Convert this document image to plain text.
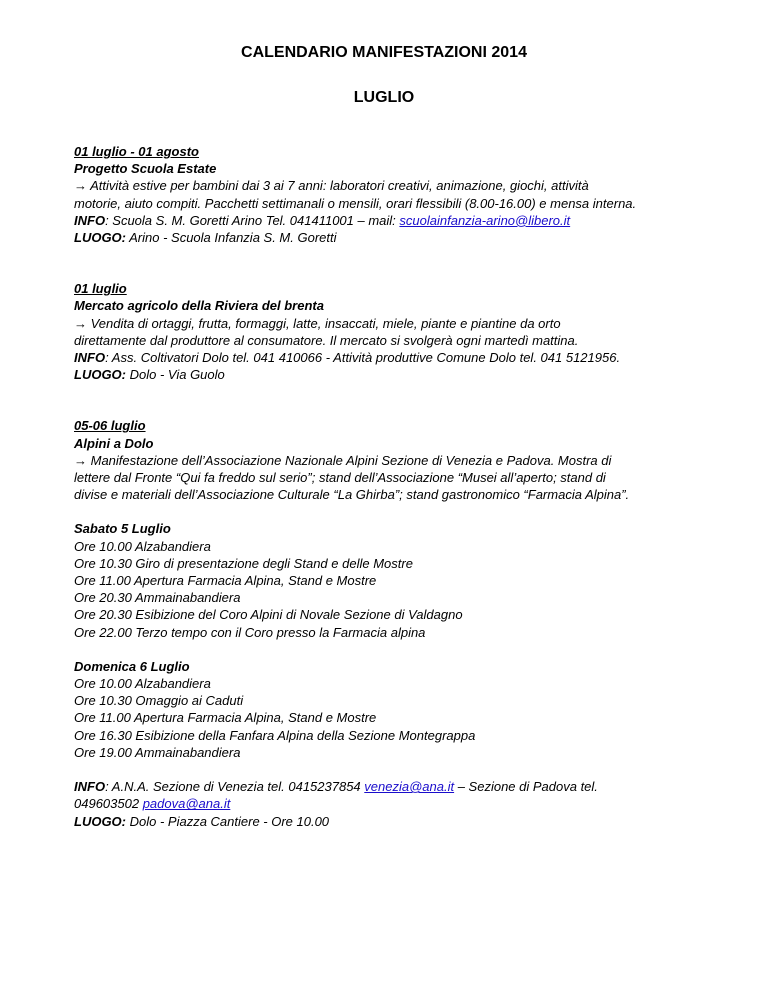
CALENDARIO MANIFESTAZIONI 2014
LUGLIO
01 luglio - 01 agosto
Progetto Scuola Estate
→ Attività estive per bambini dai 3 ai 7 anni: laboratori creativi, animazione, giochi, attività
motorie, aiuto compiti. Pacchetti settimanali o mensili, orari flessibili (8.00-16.00) e mensa interna.
INFO: Scuola S. M. Goretti Arino Tel. 041411001 – mail: scuolainfanzia-arino@libero.it
LUOGO: Arino - Scuola Infanzia S. M. Goretti
01 luglio
Mercato agricolo della Riviera del brenta
→ Vendita di ortaggi, frutta, formaggi, latte, insaccati, miele, piante e piantine da orto
direttamente dal produttore al consumatore. Il mercato si svolgerà ogni martedì mattina.
INFO: Ass. Coltivatori Dolo tel. 041 410066 - Attività produttive Comune Dolo tel. 041 5121956.
LUOGO: Dolo - Via Guolo
05-06 luglio
Alpini a Dolo
→ Manifestazione dell’Associazione Nazionale Alpini Sezione di Venezia e Padova. Mostra di
lettere dal Fronte “Qui fa freddo sul serio”; stand dell’Associazione “Musei all’aperto; stand di
divise e materiali dell’Associazione Culturale “La Ghirba”; stand gastronomico “Farmacia Alpina”.
Sabato 5 Luglio
Ore 10.00 Alzabandiera
Ore 10.30 Giro di presentazione degli Stand e delle Mostre
Ore 11.00 Apertura Farmacia Alpina, Stand e Mostre
Ore 20.30 Ammainabandiera
Ore 20.30 Esibizione del Coro Alpini di Novale Sezione di Valdagno
Ore 22.00 Terzo tempo con il Coro presso la Farmacia alpina
Domenica 6 Luglio
Ore 10.00 Alzabandiera
Ore 10.30 Omaggio ai Caduti
Ore 11.00 Apertura Farmacia Alpina, Stand e Mostre
Ore 16.30 Esibizione della Fanfara Alpina della Sezione Montegrappa
Ore 19.00 Ammainabandiera
INFO: A.N.A. Sezione di Venezia tel. 0415237854 venezia@ana.it – Sezione di Padova tel.
049603502 padova@ana.it
LUOGO: Dolo - Piazza Cantiere - Ore 10.00
